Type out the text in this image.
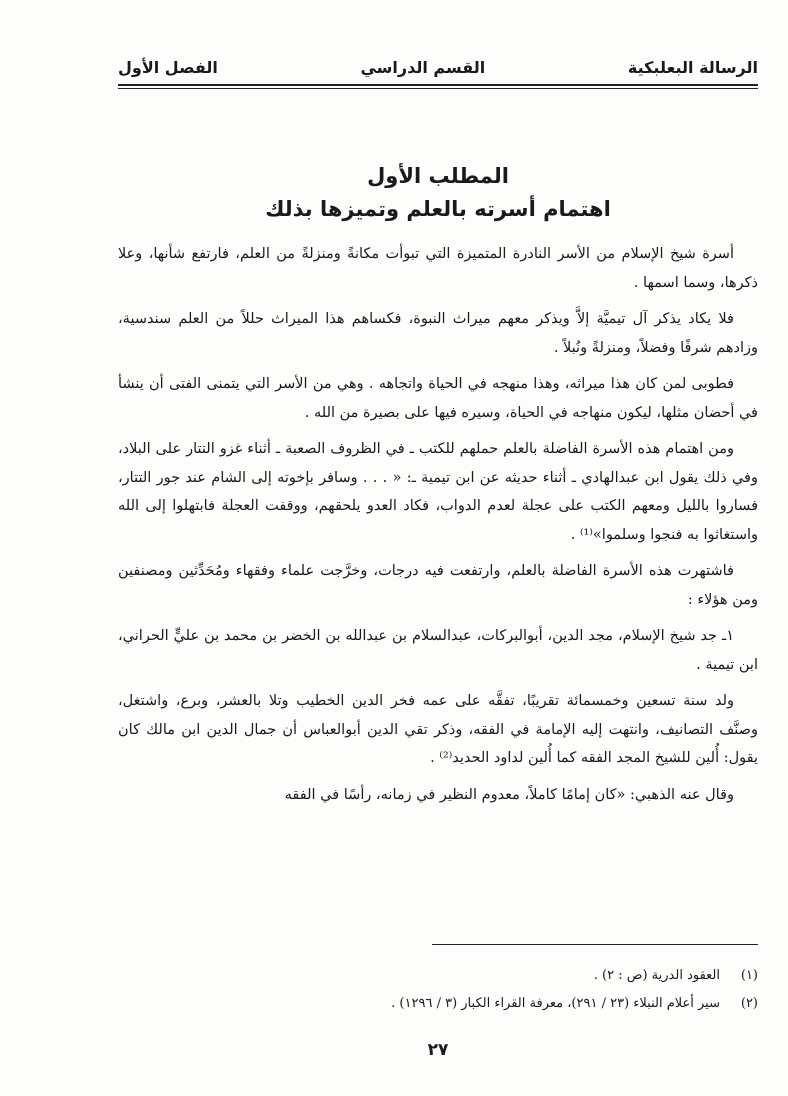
الرسالة البعلبكية
القسم الدراسي
الفصل الأول
المطلب الأول
اهتمام أسرته بالعلم وتميزها بذلك

أسرة شيخ الإسلام من الأسر النادرة المتميزة التي تبوأت مكانةً ومنزلةً من العلم، فارتفع شأنها، وعلا ذكرها، وسما اسمها .

فلا يكاد يذكر آل تيميَّة إلاَّ ويذكر معهم ميراث النبوة، فكساهم هذا الميراث حللاً من العلم سندسية، وزادهم شرفًا وفضلاً، ومنزلةً ونُبلاً .

فطوبى لمن كان هذا ميراثه، وهذا منهجه في الحياة واتجاهه . وهي من الأسر التي يتمنى الفتى أن ينشأ في أحضان مثلها، ليكون منهاجه في الحياة، وسيره فيها على بصيرة من الله .

ومن اهتمام هذه الأسرة الفاضلة بالعلم حملهم للكتب ـ في الظروف الصعبة ـ أثناء غزو التتار على البلاد، وفي ذلك يقول ابن عبدالهادي ـ أثناء حديثه عن ابن تيمية ـ: « . . . وسافر بإخوته إلى الشام عند جور التتار، فساروا بالليل ومعهم الكتب على عجلة لعدم الدواب، فكاد العدو يلحقهم، ووقفت العجلة فابتهلوا إلى الله واستغاثوا به فنجوا وسلموا»⁽¹⁾ .

فاشتهرت هذه الأسرة الفاضلة بالعلم، وارتفعت فيه درجات، وخرَّجت علماء وفقهاء ومُحَدِّثين ومصنفين ومن هؤلاء :

١ـ جد شيخ الإسلام، مجد الدين، أبوالبركات، عبدالسلام بن عبدالله بن الخضر بن محمد بن عليٍّ الحراني، ابن تيمية .

ولد سنة تسعين وخمسمائة تقريبًا، تفقَّه على عمه فخر الدين الخطيب وتلا بالعشر، وبرع، واشتغل، وصنَّف التصانيف، وانتهت إليه الإمامة في الفقه، وذكر تقي الدين أبوالعباس أن جمال الدين ابن مالك كان يقول: أُلين للشيخ المجد الفقه كما أُلين لداود الحديد⁽²⁾ .

وقال عنه الذهبي: «كان إمامًا كاملاً، معدوم النظير في زمانه، رأسًا في الفقه

(١)
العقود الدرية (ص : ٢) .
(٢)
سير أعلام النبلاء (٢٣ / ٢٩١)، معرفة القراء الكبار (٣ / ١٢٩٦) .
٢٧
